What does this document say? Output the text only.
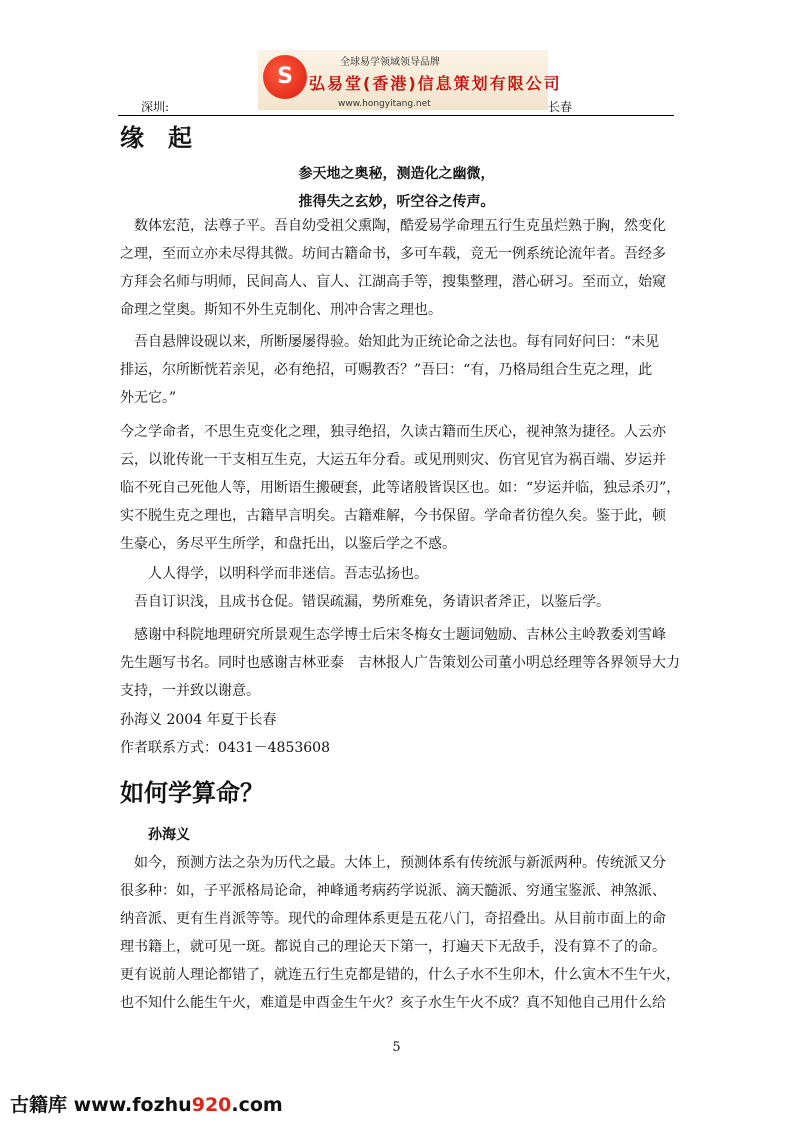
S
全球易学领域领导品牌
弘易堂(香港)信息策划有限公司
www.hongyitang.net
深圳:	长春
缘　起
参天地之奥秘，测造化之幽微，
推得失之玄妙，听空谷之传声。
　数体宏范，法尊子平。吾自幼受祖父熏陶，酷爱易学命理五行生克虽烂熟于胸，然变化
之理，至而立亦未尽得其微。坊间古籍命书，多可车载，竞无一例系统论流年者。吾经多
方拜会名师与明师，民间高人、盲人、江湖高手等，搜集整理，潜心研习。至而立，始窥
命理之堂奥。斯知不外生克制化、刑冲合害之理也。
　吾自悬牌设砚以来，所断屡屡得验。始知此为正统论命之法也。每有同好问曰：“未见
排运，尔所断恍若亲见，必有绝招，可赐教否？”吾曰：“有，乃格局组合生克之理，此
外无它。”
今之学命者，不思生克变化之理，独寻绝招，久读古籍而生厌心，视神煞为捷径。人云亦
云，以讹传讹一干支相互生克，大运五年分看。或见刑则灾、伤官见官为祸百端、岁运并
临不死自己死他人等，用断语生搬硬套，此等诸般皆误区也。如：“岁运并临，独忌杀刃”，
实不脱生克之理也，古籍早言明矣。古籍难解，今书保留。学命者彷徨久矣。鉴于此，顿
生豪心，务尽平生所学，和盘托出，以鉴后学之不惑。
　　人人得学，以明科学而非迷信。吾志弘扬也。
　吾自订识浅，且成书仓促。错误疏漏，势所难免，务请识者斧正，以鉴后学。
　感谢中科院地理研究所景观生态学博士后宋冬梅女士题词勉励、吉林公主岭教委刘雪峰
先生题写书名。同时也感谢吉林亚泰　吉林报人广告策划公司董小明总经理等各界领导大力
支持，一并致以谢意。
孙海义 2004 年夏于长春
作者联系方式：0431－4853608
如何学算命？
孙海义
　如今，预测方法之杂为历代之最。大体上，预测体系有传统派与新派两种。传统派又分
很多种：如，子平派格局论命，神峰通考病药学说派、滴天髓派、穷通宝鉴派、神煞派、
纳音派、更有生肖派等等。现代的命理体系更是五花八门，奇招叠出。从目前市面上的命
理书籍上，就可见一斑。都说自己的理论天下第一，打遍天下无敌手，没有算不了的命。
更有说前人理论都错了，就连五行生克都是错的，什么子水不生卯木，什么寅木不生午火，
也不知什么能生午火，难道是申酉金生午火？亥子水生午火不成？真不知他自己用什么给
5
古籍库 www.fozhu920.com
